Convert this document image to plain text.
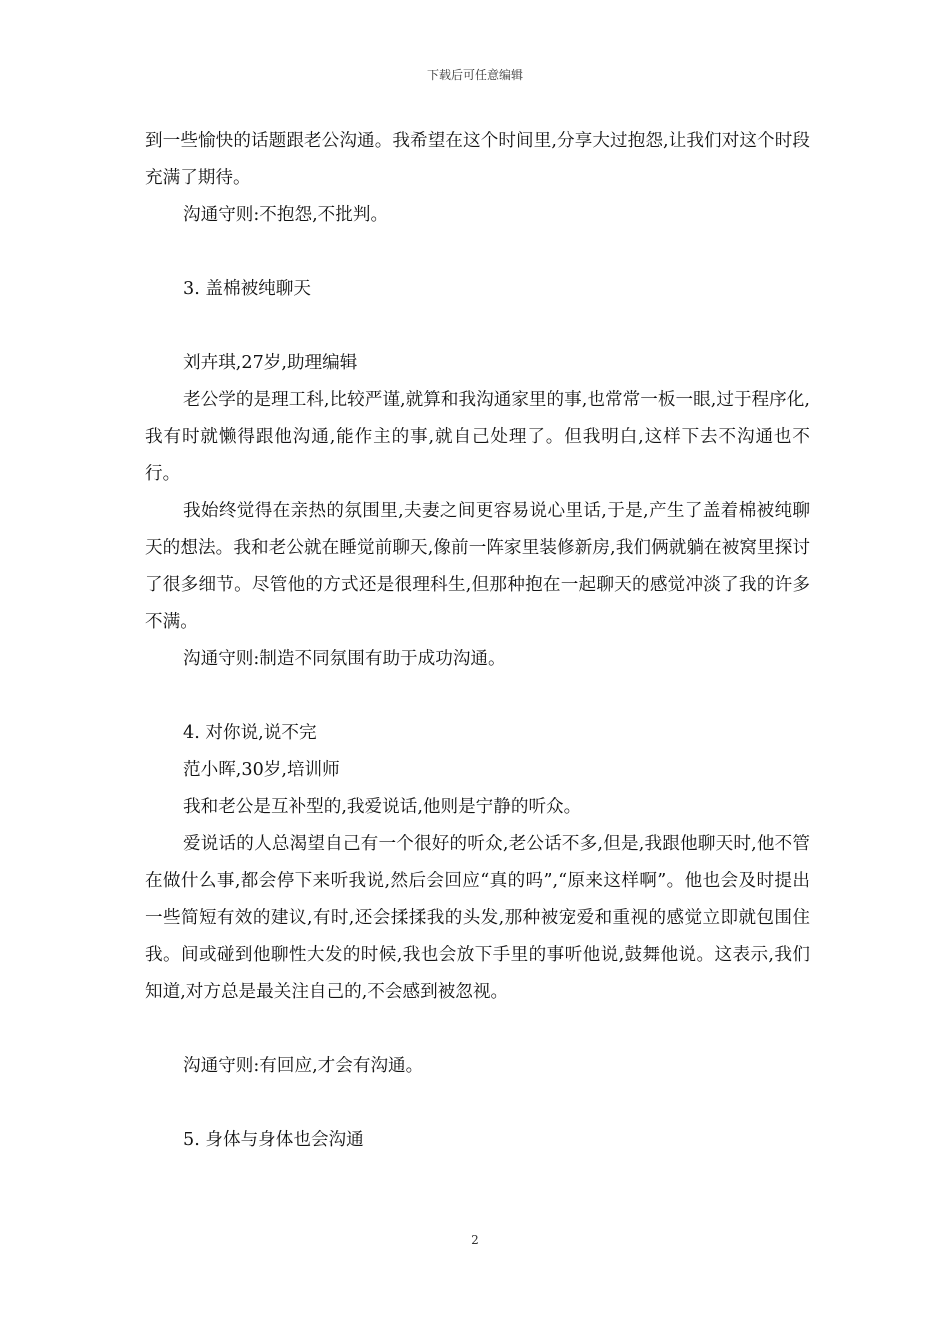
下载后可任意编辑

到一些愉快的话题跟老公沟通。我希望在这个时间里,分享大过抱怨,让我们对这个时段充满了期待。

沟通守则:不抱怨,不批判。

3. 盖棉被纯聊天

刘卉琪,27岁,助理编辑

老公学的是理工科,比较严谨,就算和我沟通家里的事,也常常一板一眼,过于程序化,我有时就懒得跟他沟通,能作主的事,就自己处理了。但我明白,这样下去不沟通也不行。

我始终觉得在亲热的氛围里,夫妻之间更容易说心里话,于是,产生了盖着棉被纯聊天的想法。我和老公就在睡觉前聊天,像前一阵家里装修新房,我们俩就躺在被窝里探讨了很多细节。尽管他的方式还是很理科生,但那种抱在一起聊天的感觉冲淡了我的许多不满。

沟通守则:制造不同氛围有助于成功沟通。

4. 对你说,说不完

范小晖,30岁,培训师

我和老公是互补型的,我爱说话,他则是宁静的听众。

爱说话的人总渴望自己有一个很好的听众,老公话不多,但是,我跟他聊天时,他不管在做什么事,都会停下来听我说,然后会回应“真的吗”,“原来这样啊”。他也会及时提出一些简短有效的建议,有时,还会揉揉我的头发,那种被宠爱和重视的感觉立即就包围住我。间或碰到他聊性大发的时候,我也会放下手里的事听他说,鼓舞他说。这表示,我们知道,对方总是最关注自己的,不会感到被忽视。

沟通守则:有回应,才会有沟通。

5. 身体与身体也会沟通

2
